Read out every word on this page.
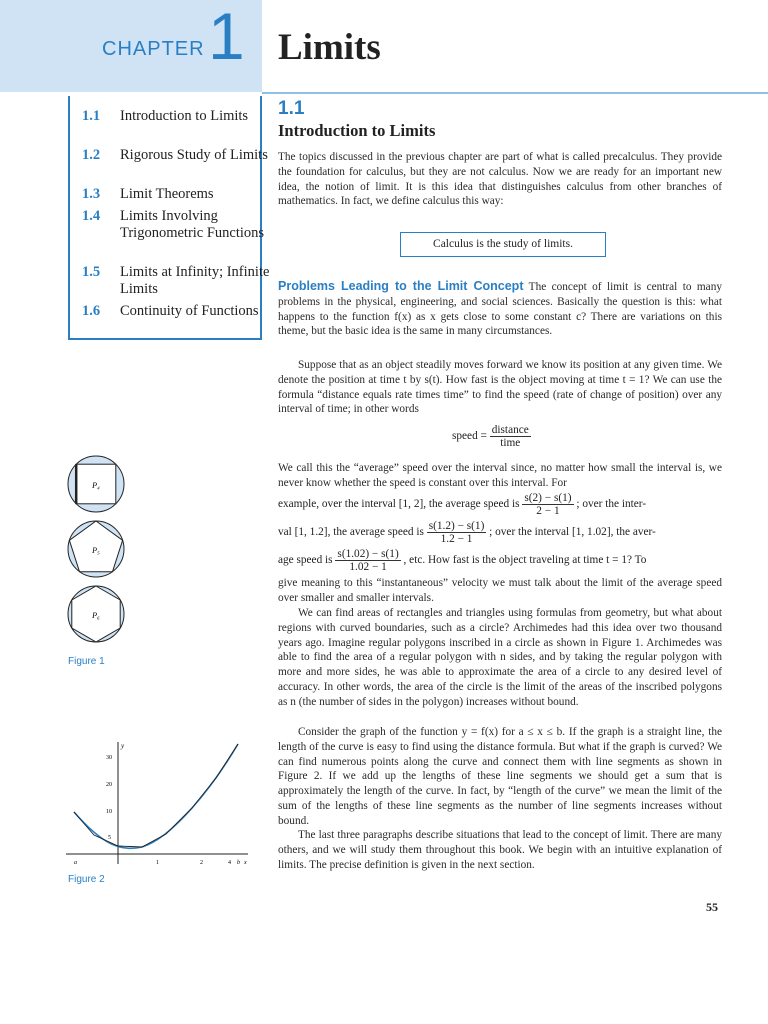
CHAPTER 1 Limits
1.1 Introduction to Limits
1.2 Rigorous Study of Limits
1.3 Limit Theorems
1.4 Limits Involving Trigonometric Functions
1.5 Limits at Infinity; Infinite Limits
1.6 Continuity of Functions
1.1
Introduction to Limits
The topics discussed in the previous chapter are part of what is called precalculus. They provide the foundation for calculus, but they are not calculus. Now we are ready for an important new idea, the notion of limit. It is this idea that distinguishes calculus from other branches of mathematics. In fact, we define calculus this way:
Calculus is the study of limits.
Problems Leading to the Limit Concept The concept of limit is central to many problems in the physical, engineering, and social sciences. Basically the question is this: what happens to the function f(x) as x gets close to some constant c? There are variations on this theme, but the basic idea is the same in many circumstances.
Suppose that as an object steadily moves forward we know its position at any given time. We denote the position at time t by s(t). How fast is the object moving at time t = 1? We can use the formula “distance equals rate times time” to find the speed (rate of change of position) over any interval of time; in other words
speed = $\frac{\text{distance}}{\text{time}}$
We call this the “average” speed over the interval since, no matter how small the interval is, we never know whether the speed is constant over this interval. For
example, over the interval [1, 2], the average speed is $\frac{s(2) - s(1)}{2 - 1}$ ; over the inter-
val [1, 1.2], the average speed is $\frac{s(1.2) - s(1)}{1.2 - 1}$ ; over the interval [1, 1.02], the aver-
age speed is $\frac{s(1.02) - s(1)}{1.02 - 1}$ , etc. How fast is the object traveling at time t = 1? To
give meaning to this “instantaneous” velocity we must talk about the limit of the average speed over smaller and smaller intervals.
We can find areas of rectangles and triangles using formulas from geometry, but what about regions with curved boundaries, such as a circle? Archimedes had this idea over two thousand years ago. Imagine regular polygons inscribed in a circle as shown in Figure 1. Archimedes was able to find the area of a regular polygon with n sides, and by taking the regular polygon with more and more sides, he was able to approximate the area of a circle to any desired level of accuracy. In other words, the area of the circle is the limit of the areas of the inscribed polygons as n (the number of sides in the polygon) increases without bound.
Consider the graph of the function y = f(x) for a ≤ x ≤ b. If the graph is a straight line, the length of the curve is easy to find using the distance formula. But what if the graph is curved? We can find numerous points along the curve and connect them with line segments as shown in Figure 2. If we add up the lengths of these line segments we should get a sum that is approximately the length of the curve. In fact, by “length of the curve” we mean the limit of the sum of the lengths of these line segments as the number of line segments increases without bound.
The last three paragraphs describe situations that lead to the concept of limit. There are many others, and we will study them throughout this book. We begin with an intuitive explanation of limits. The precise definition is given in the next section.
P₄
P₅
P₆
Figure 1
y
30
20
10
5
a	1	2	4 b x
Figure 2
55
